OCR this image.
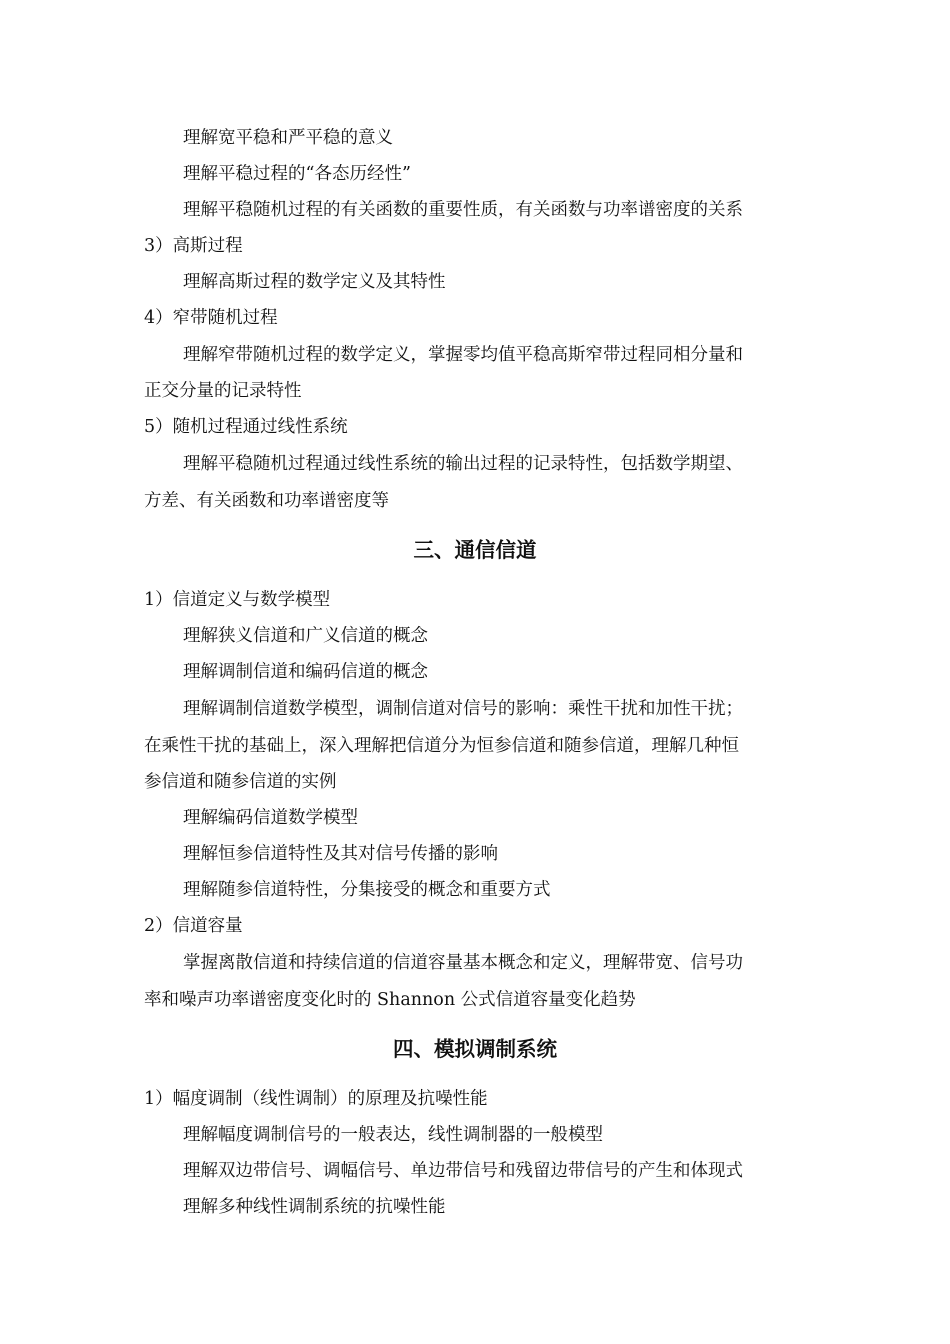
理解宽平稳和严平稳的意义
理解平稳过程的“各态历经性”
理解平稳随机过程的有关函数的重要性质，有关函数与功率谱密度的关系
3）高斯过程
理解高斯过程的数学定义及其特性
4）窄带随机过程
理解窄带随机过程的数学定义，掌握零均值平稳高斯窄带过程同相分量和
正交分量的记录特性
5）随机过程通过线性系统
理解平稳随机过程通过线性系统的输出过程的记录特性，包括数学期望、
方差、有关函数和功率谱密度等
三、通信信道
1）信道定义与数学模型
理解狭义信道和广义信道的概念
理解调制信道和编码信道的概念
理解调制信道数学模型，调制信道对信号的影响：乘性干扰和加性干扰；
在乘性干扰的基础上，深入理解把信道分为恒参信道和随参信道，理解几种恒
参信道和随参信道的实例
理解编码信道数学模型
理解恒参信道特性及其对信号传播的影响
理解随参信道特性，分集接受的概念和重要方式
2）信道容量
掌握离散信道和持续信道的信道容量基本概念和定义，理解带宽、信号功
率和噪声功率谱密度变化时的 Shannon 公式信道容量变化趋势
四、模拟调制系统
1）幅度调制（线性调制）的原理及抗噪性能
理解幅度调制信号的一般表达，线性调制器的一般模型
理解双边带信号、调幅信号、单边带信号和残留边带信号的产生和体现式
理解多种线性调制系统的抗噪性能
